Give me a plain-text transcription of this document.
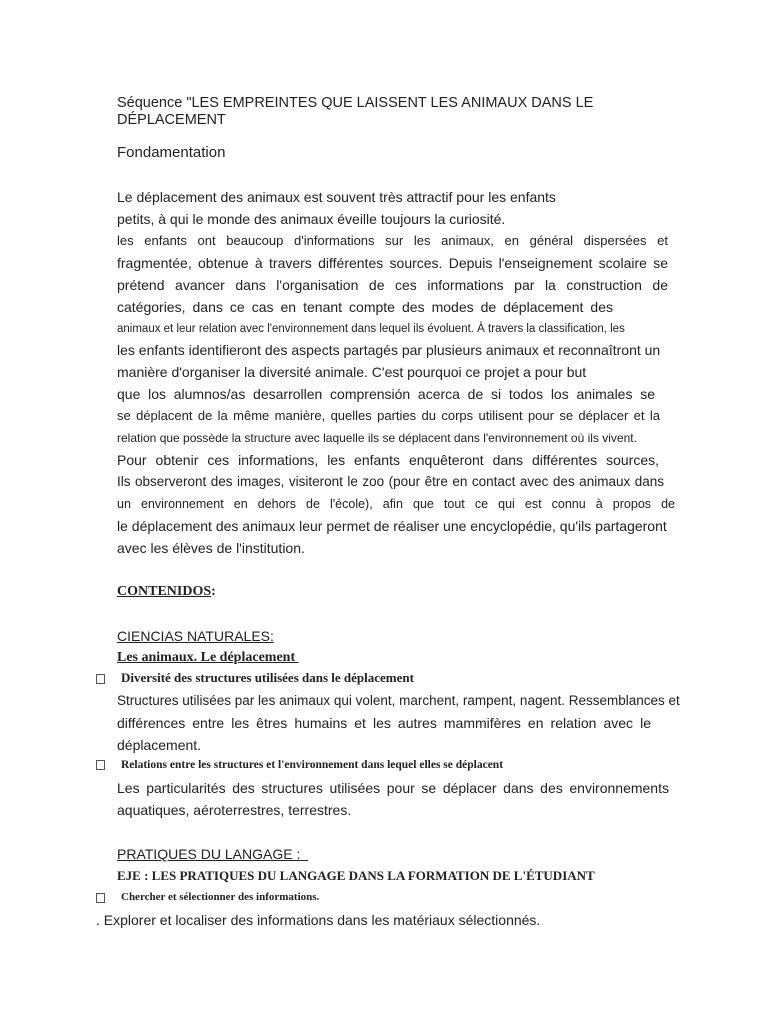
Séquence "LES EMPREINTES QUE LAISSENT LES ANIMAUX DANS LE
DÉPLACEMENT
Fondamentation
Le déplacement des animaux est souvent très attractif pour les enfants
petits, à qui le monde des animaux éveille toujours la curiosité.
les enfants ont beaucoup d'informations sur les animaux, en général dispersées et
fragmentée, obtenue à travers différentes sources. Depuis l'enseignement scolaire se
prétend avancer dans l'organisation de ces informations par la construction de
catégories, dans ce cas en tenant compte des modes de déplacement des
animaux et leur relation avec l'environnement dans lequel ils évoluent. À travers la classification, les
les enfants identifieront des aspects partagés par plusieurs animaux et reconnaîtront un
manière d'organiser la diversité animale. C'est pourquoi ce projet a pour but
que los alumnos/as desarrollen comprensión acerca de si todos los animales se
se déplacent de la même manière, quelles parties du corps utilisent pour se déplacer et la
relation que possède la structure avec laquelle ils se déplacent dans l'environnement où ils vivent.
Pour obtenir ces informations, les enfants enquêteront dans différentes sources,
Ils observeront des images, visiteront le zoo (pour être en contact avec des animaux dans
un environnement en dehors de l'école), afin que tout ce qui est connu à propos de
le déplacement des animaux leur permet de réaliser une encyclopédie, qu'ils partageront
avec les élèves de l'institution.
CONTENIDOS:
CIENCIAS NATURALES:
Les animaux. Le déplacement
Diversité des structures utilisées dans le déplacement
Structures utilisées par les animaux qui volent, marchent, rampent, nagent. Ressemblances et
différences entre les êtres humains et les autres mammifères en relation avec le
déplacement.
Relations entre les structures et l'environnement dans lequel elles se déplacent
Les particularités des structures utilisées pour se déplacer dans des environnements
aquatiques, aéroterrestres, terrestres.
PRATIQUES DU LANGAGE :
EJE : LES PRATIQUES DU LANGAGE DANS LA FORMATION DE L'ÉTUDIANT
Chercher et sélectionner des informations.
. Explorer et localiser des informations dans les matériaux sélectionnés.
